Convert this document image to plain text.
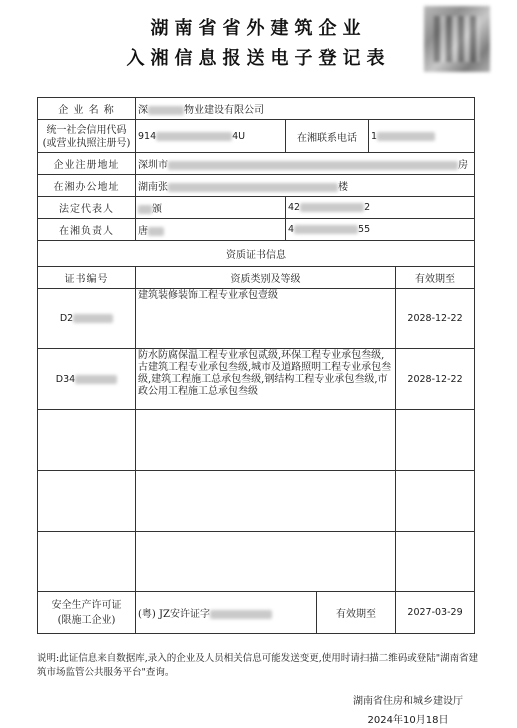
湖南省省外建筑企业
入湘信息报送电子登记表
企 业 名 称	深 物业建设有限公司				

统一社会信用代码
(或营业执照注册号)	914 4U	在湘联系电话		1	
企业注册地址	深圳市 房				
在湘办公地址	湖南张 楼				
法定代表人	颁	42 2			
在湘负责人	唐	4 55			
资质证书信息					
证书编号	资质类别及等级				有效期至
D2	建筑装修装饰工程专业承包壹级				2028-12-22
D34	防水防腐保温工程专业承包贰级,环保工程专业承包叁级,古建筑工程专业承包叁级,城市及道路照明工程专业承包叁级,建筑工程施工总承包叁级,钢结构工程专业承包叁级,市政公用工程施工总承包叁级				2028-12-22

安全生产许可证
(限施工企业)	(粤) JZ安许证字		有效期至		2027-03-29
说明:此证信息来自数据库,录入的企业及人员相关信息可能发送变更,使用时请扫描二维码或登陆"湖南省建筑市场监管公共服务平台"查询。
湖南省住房和城乡建设厅
2024年10月18日
